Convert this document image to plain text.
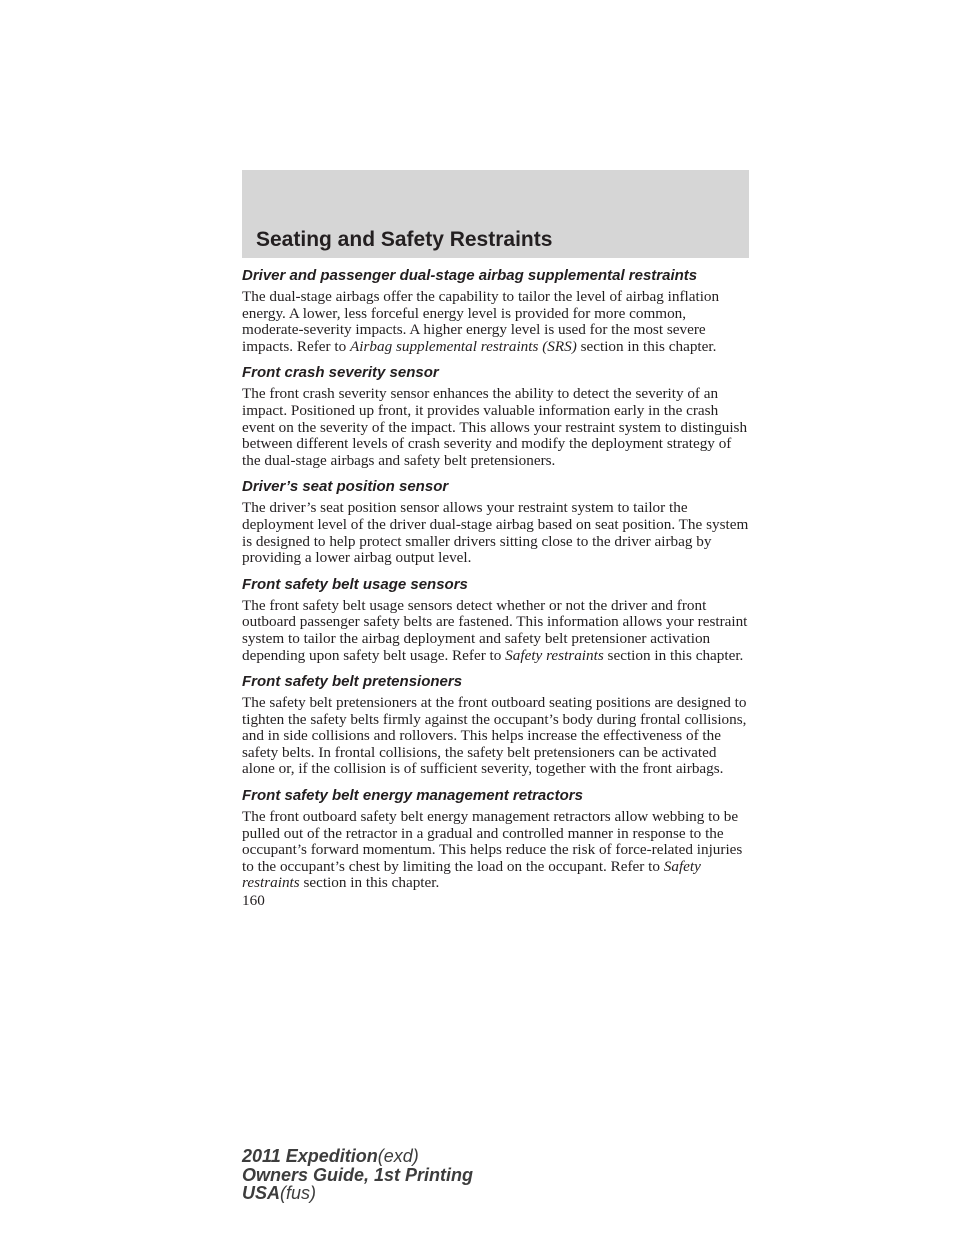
Seating and Safety Restraints
Driver and passenger dual-stage airbag supplemental restraints

The dual-stage airbags offer the capability to tailor the level of airbag inflation energy. A lower, less forceful energy level is provided for more common, moderate-severity impacts. A higher energy level is used for the most severe impacts. Refer to Airbag supplemental restraints (SRS) section in this chapter.

Front crash severity sensor

The front crash severity sensor enhances the ability to detect the severity of an impact. Positioned up front, it provides valuable information early in the crash event on the severity of the impact. This allows your restraint system to distinguish between different levels of crash severity and modify the deployment strategy of the dual-stage airbags and safety belt pretensioners.

Driver’s seat position sensor

The driver’s seat position sensor allows your restraint system to tailor the deployment level of the driver dual-stage airbag based on seat position. The system is designed to help protect smaller drivers sitting close to the driver airbag by providing a lower airbag output level.

Front safety belt usage sensors

The front safety belt usage sensors detect whether or not the driver and front outboard passenger safety belts are fastened. This information allows your restraint system to tailor the airbag deployment and safety belt pretensioner activation depending upon safety belt usage. Refer to Safety restraints section in this chapter.

Front safety belt pretensioners

The safety belt pretensioners at the front outboard seating positions are designed to tighten the safety belts firmly against the occupant’s body during frontal collisions, and in side collisions and rollovers. This helps increase the effectiveness of the safety belts. In frontal collisions, the safety belt pretensioners can be activated alone or, if the collision is of sufficient severity, together with the front airbags.

Front safety belt energy management retractors

The front outboard safety belt energy management retractors allow webbing to be pulled out of the retractor in a gradual and controlled manner in response to the occupant’s forward momentum. This helps reduce the risk of force-related injuries to the occupant’s chest by limiting the load on the occupant. Refer to Safety restraints section in this chapter.

160

2011 Expedition(exd)
Owners Guide, 1st Printing
USA(fus)
